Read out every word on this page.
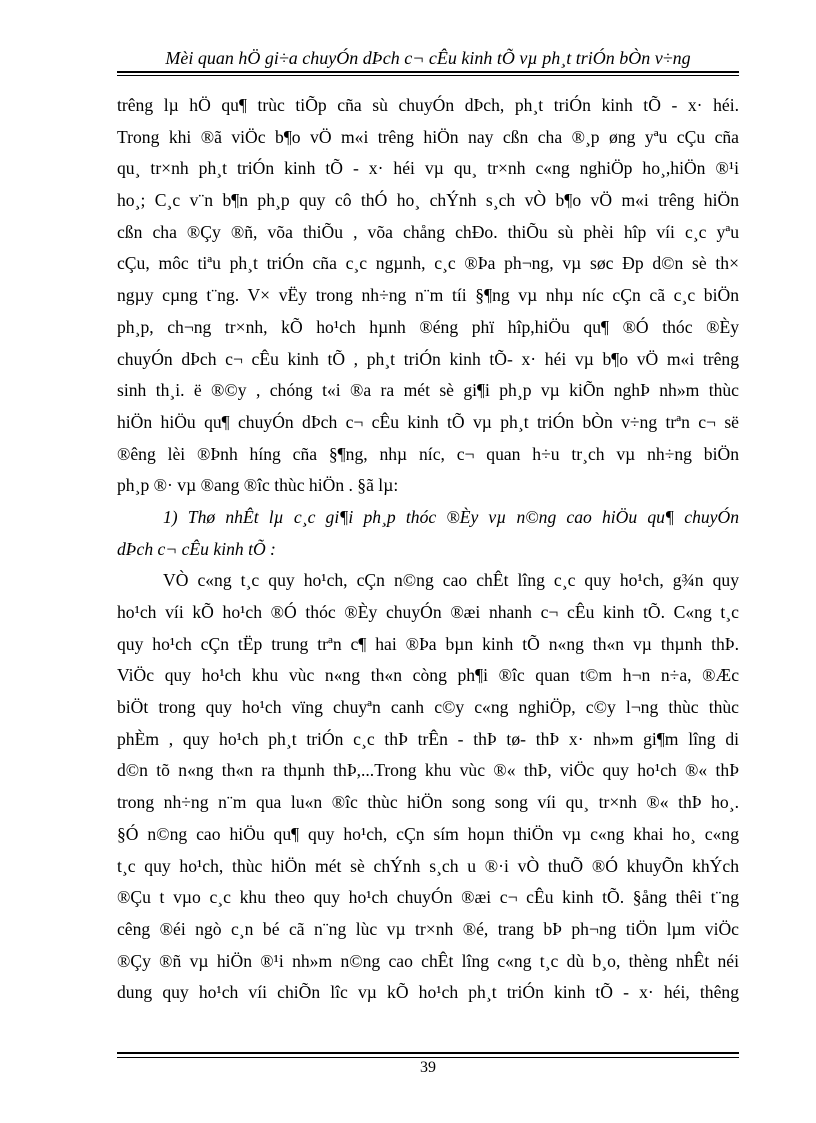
Mèi quan hÖ gi÷a chuyÓn dÞch c¬ cÊu kinh tÕ vµ ph¸t triÓn bÒn v÷ng
trêng lµ hÖ qu¶ trùc tiÕp cña sù chuyÓn dÞch, ph¸t triÓn kinh tÕ - x· héi.
Trong khi ®ã viÖc b¶o vÖ m«i trêng hiÖn nay cßn cha ®¸p øng yªu cÇu cña
qu¸ tr×nh ph¸t triÓn kinh tÕ - x· héi vµ qu¸ tr×nh c«ng nghiÖp ho¸,hiÖn ®¹i
ho¸; C¸c v¨n b¶n ph¸p quy cô thÓ ho¸ chÝnh s¸ch vÒ b¶o vÖ m«i trêng hiÖn
cßn cha ®Çy ®ñ, võa thiÕu , võa chång chÐo. thiÕu sù phèi hîp víi c¸c yªu
cÇu, môc tiªu ph¸t triÓn cña c¸c ngµnh, c¸c ®Þa ph¬ng, vµ søc Ðp d©n sè th×
ngµy cµng t¨ng. V× vËy trong nh÷ng n¨m tíi §¶ng vµ nhµ níc cÇn cã c¸c biÖn
ph¸p, ch¬ng tr×nh, kÕ ho¹ch hµnh ®éng phï hîp,hiÖu qu¶ ®Ó thóc ®Èy
chuyÓn dÞch c¬ cÊu kinh tÕ , ph¸t triÓn kinh tÕ- x· héi vµ b¶o vÖ m«i trêng
sinh th¸i. ë ®©y , chóng t«i ®a ra mét sè gi¶i ph¸p vµ kiÕn nghÞ nh»m thùc
hiÖn hiÖu qu¶ chuyÓn dÞch c¬ cÊu kinh tÕ vµ ph¸t triÓn bÒn v÷ng trªn c¬ së
®êng lèi ®Þnh híng cña §¶ng, nhµ níc, c¬ quan h÷u tr¸ch vµ nh÷ng biÖn
ph¸p ®· vµ ®ang ®îc thùc hiÖn . §ã lµ:
1) Thø nhÊt lµ c¸c gi¶i ph¸p thóc ®Èy vµ n©ng cao hiÖu qu¶ chuyÓn
dÞch c¬ cÊu kinh tÕ :
VÒ c«ng t¸c quy ho¹ch, cÇn n©ng cao chÊt lîng c¸c quy ho¹ch, g¾n quy
ho¹ch víi kÕ ho¹ch ®Ó thóc ®Èy chuyÓn ®æi nhanh c¬ cÊu kinh tÕ. C«ng t¸c
quy ho¹ch cÇn tËp trung trªn c¶ hai ®Þa bµn kinh tÕ n«ng th«n vµ thµnh thÞ.
ViÖc quy ho¹ch khu vùc n«ng th«n còng ph¶i ®îc quan t©m h¬n n÷a, ®Æc
biÖt trong quy ho¹ch vïng chuyªn canh c©y c«ng nghiÖp, c©y l¬ng thùc thùc
phÈm , quy ho¹ch ph¸t triÓn c¸c thÞ trÊn - thÞ tø- thÞ x· nh»m gi¶m lîng di
d©n tõ n«ng th«n ra thµnh thÞ,...Trong khu vùc ®« thÞ, viÖc quy ho¹ch ®« thÞ
trong nh÷ng n¨m qua lu«n ®îc thùc hiÖn song song víi qu¸ tr×nh ®« thÞ ho¸.
§Ó n©ng cao hiÖu qu¶ quy ho¹ch, cÇn sím hoµn thiÖn vµ c«ng khai ho¸ c«ng
t¸c quy ho¹ch, thùc hiÖn mét sè chÝnh s¸ch u ®·i vÒ thuÕ ®Ó khuyÕn khÝch
®Çu t vµo c¸c khu theo quy ho¹ch chuyÓn ®æi c¬ cÊu kinh tÕ. §ång thêi t¨ng
cêng ®éi ngò c¸n bé cã n¨ng lùc vµ tr×nh ®é, trang bÞ ph¬ng tiÖn lµm viÖc
®Çy ®ñ vµ hiÖn ®¹i nh»m n©ng cao chÊt lîng c«ng t¸c dù b¸o, thèng nhÊt néi
dung quy ho¹ch víi chiÕn lîc vµ kÕ ho¹ch ph¸t triÓn kinh tÕ - x· héi, thêng
39
